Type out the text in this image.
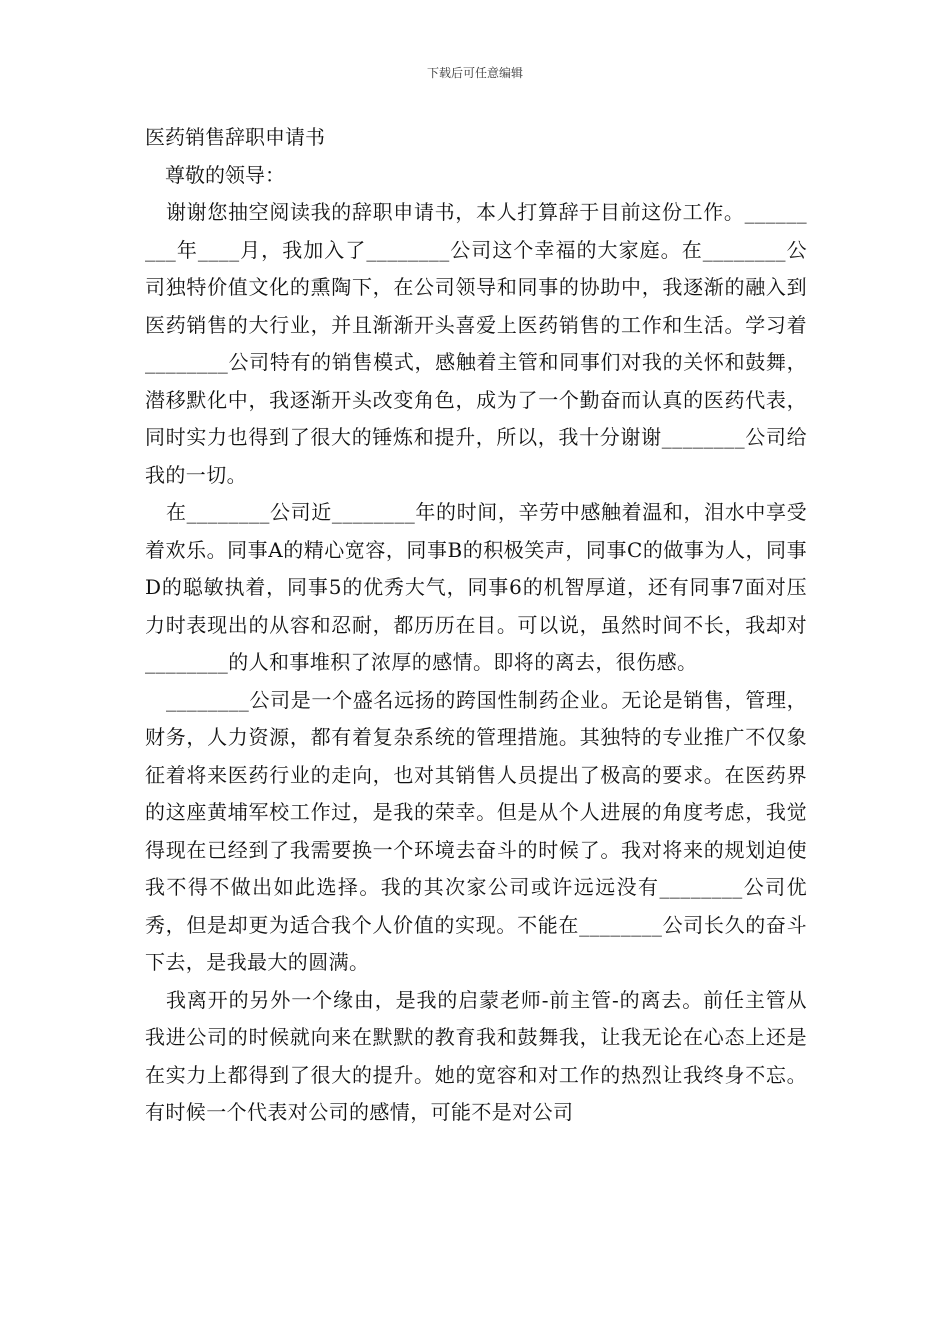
下载后可任意编辑
医药销售辞职申请书

尊敬的领导：

谢谢您抽空阅读我的辞职申请书，本人打算辞于目前这份工作。_________年____月，我加入了________公司这个幸福的大家庭。在________公司独特价值文化的熏陶下，在公司领导和同事的协助中，我逐渐的融入到医药销售的大行业，并且渐渐开头喜爱上医药销售的工作和生活。学习着________公司特有的销售模式，感触着主管和同事们对我的关怀和鼓舞，潜移默化中，我逐渐开头改变角色，成为了一个勤奋而认真的医药代表，同时实力也得到了很大的锤炼和提升，所以，我十分谢谢________公司给我的一切。

在________公司近________年的时间，辛劳中感触着温和，泪水中享受着欢乐。同事A的精心宽容，同事B的积极笑声，同事C的做事为人，同事D的聪敏执着，同事5的优秀大气，同事6的机智厚道，还有同事7面对压力时表现出的从容和忍耐，都历历在目。可以说，虽然时间不长，我却对________的人和事堆积了浓厚的感情。即将的离去，很伤感。

________公司是一个盛名远扬的跨国性制药企业。无论是销售，管理，财务，人力资源，都有着复杂系统的管理措施。其独特的专业推广不仅象征着将来医药行业的走向，也对其销售人员提出了极高的要求。在医药界的这座黄埔军校工作过，是我的荣幸。但是从个人进展的角度考虑，我觉得现在已经到了我需要换一个环境去奋斗的时候了。我对将来的规划迫使我不得不做出如此选择。我的其次家公司或许远远没有________公司优秀，但是却更为适合我个人价值的实现。不能在________公司长久的奋斗下去，是我最大的圆满。

我离开的另外一个缘由，是我的启蒙老师-前主管-的离去。前任主管从我进公司的时候就向来在默默的教育我和鼓舞我，让我无论在心态上还是在实力上都得到了很大的提升。她的宽容和对工作的热烈让我终身不忘。有时候一个代表对公司的感情，可能不是对公司
